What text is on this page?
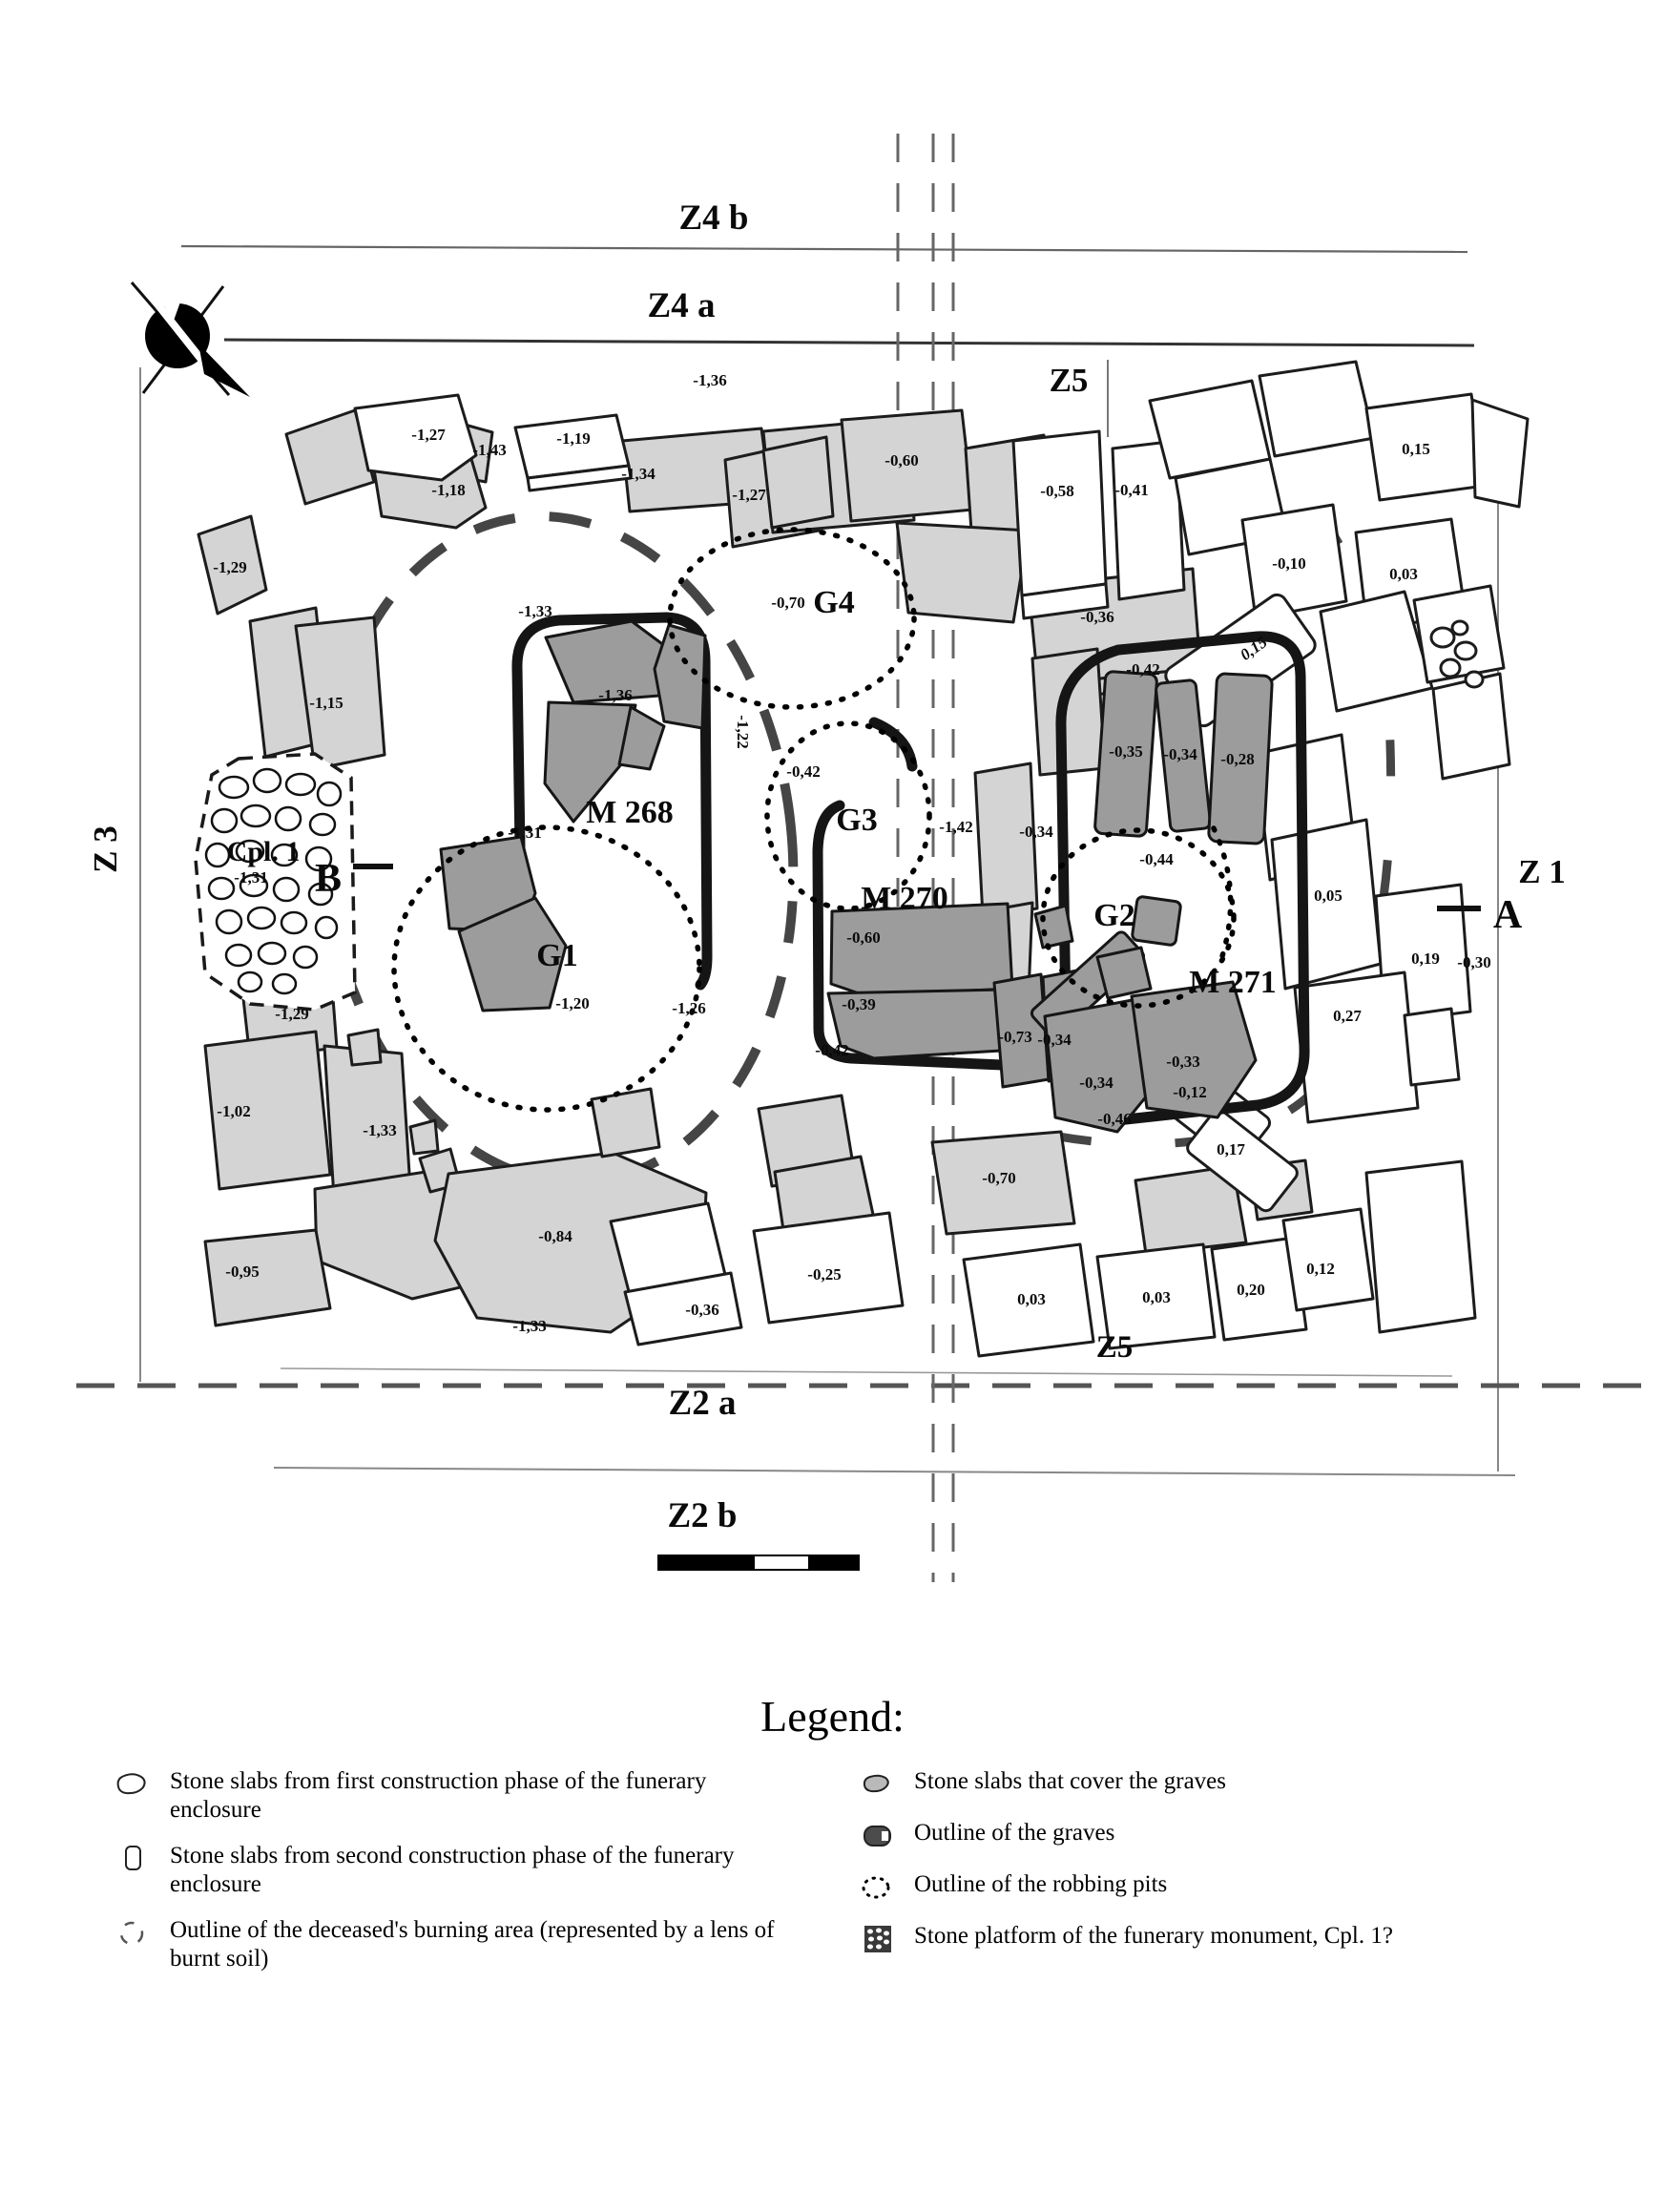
-1,36
-1,27
-1,43
-1,19
-1,18
-1,34
-1,27
-0,60
-0,58	-0,41
-1,29	-0,10
0,03
0,15
-0,36
-0,42
-1,33
-1,15
-1,22
-0,70
-0,42
-0,35 -0,34 -0,28
-0,34
-1,31
-1,42
-0,44
0,05
-0,60
-0,39
-0,42
-1,20	-1,26
-1,29
-0,73 -0,34
-0,34
-0,33
-0,46
-0,12
0,17
-1,02
-1,33
-0,95
-0,84
-1,33
-0,25
-0,36
-0,70
0,03	0,03	0,20
0,12
0,19 -0,30
0,27
-1,36
-1,31
0,15
G4
G3
G1
G2
M 268
M 270
M 271
Cpl. 1
Z4 b
Z4 a
Z5
Z5
Z 3	Z 1
Z2 a
Z2 b
A
B
Legend:
Stone slabs from first construction phase of the funerary enclosure
Stone slabs from second construction phase of the funerary enclosure
Outline of the deceased's burning area (represented by a lens of burnt soil)
Stone slabs that cover the graves
Outline of the graves
Outline of the robbing pits
Stone platform of the funerary monument, Cpl. 1?
